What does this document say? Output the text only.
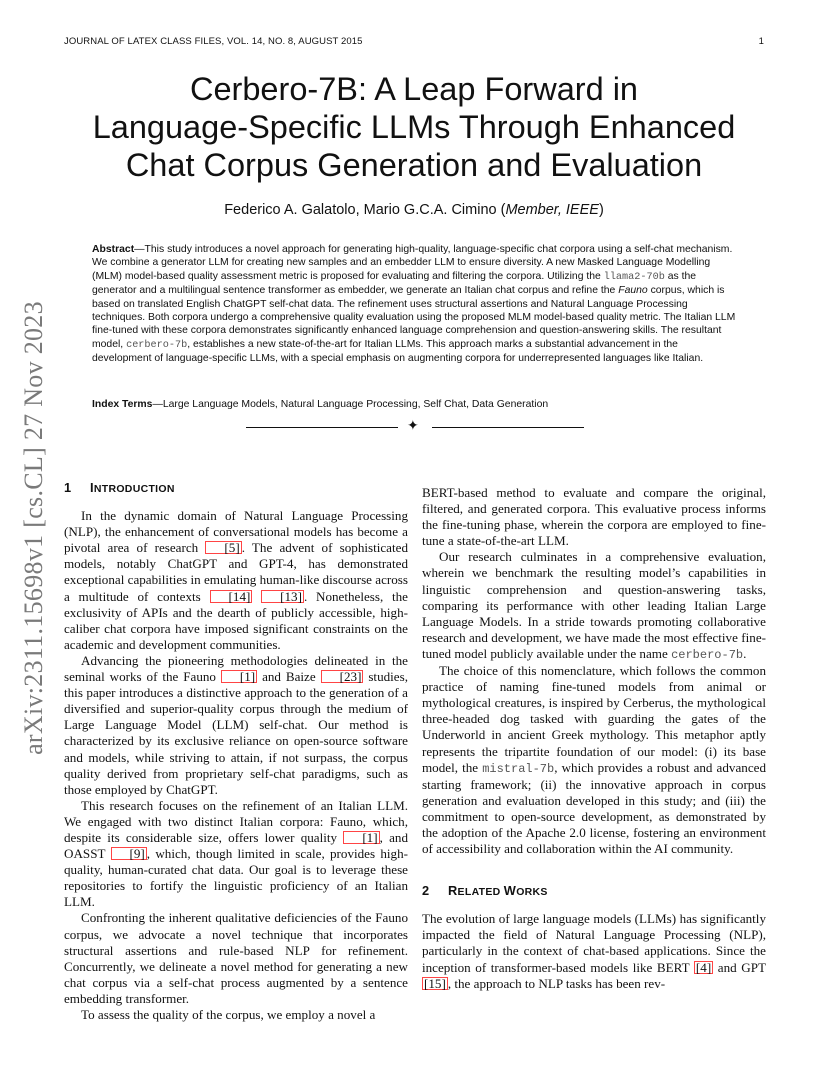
JOURNAL OF LATEX CLASS FILES, VOL. 14, NO. 8, AUGUST 2015	1
arXiv:2311.15698v1 [cs.CL] 27 Nov 2023
Cerbero-7B: A Leap Forward in
Language-Specific LLMs Through Enhanced
Chat Corpus Generation and Evaluation
Federico A. Galatolo, Mario G.C.A. Cimino (Member, IEEE)
Abstract—This study introduces a novel approach for generating high-quality, language-specific chat corpora using a self-chat mechanism. We combine a generator LLM for creating new samples and an embedder LLM to ensure diversity. A new Masked Language Modelling (MLM) model-based quality assessment metric is proposed for evaluating and filtering the corpora. Utilizing the llama2-70b as the generator and a multilingual sentence transformer as embedder, we generate an Italian chat corpus and refine the Fauno corpus, which is based on translated English ChatGPT self-chat data. The refinement uses structural assertions and Natural Language Processing techniques. Both corpora undergo a comprehensive quality evaluation using the proposed MLM model-based quality metric. The Italian LLM fine-tuned with these corpora demonstrates significantly enhanced language comprehension and question-answering skills. The resultant model, cerbero-7b, establishes a new state-of-the-art for Italian LLMs. This approach marks a substantial advancement in the development of language-specific LLMs, with a special emphasis on augmenting corpora for underrepresented languages like Italian.
Index Terms—Large Language Models, Natural Language Processing, Self Chat, Data Generation
✦
1 INTRODUCTION

In the dynamic domain of Natural Language Processing (NLP), the enhancement of conversational models has become a pivotal area of research [5] . The advent of sophisticated models, notably ChatGPT and GPT-4, has demonstrated exceptional capabilities in emulating human-like discourse across a multitude of contexts [14] [13] . Nonetheless, the exclusivity of APIs and the dearth of publicly accessible, high-caliber chat corpora have imposed significant constraints on the academic and development communities.

Advancing the pioneering methodologies delineated in the seminal works of the Fauno [1] and Baize [23] studies, this paper introduces a distinctive approach to the generation of a diversified and superior-quality corpus through the medium of Large Language Model (LLM) self-chat. Our method is characterized by its exclusive reliance on open-source software and models, while striving to attain, if not surpass, the corpus quality derived from proprietary self-chat paradigms, such as those employed by ChatGPT.

This research focuses on the refinement of an Italian LLM. We engaged with two distinct Italian corpora: Fauno, which, despite its considerable size, offers lower quality [1] , and OASST [9] , which, though limited in scale, provides high-quality, human-curated chat data. Our goal is to leverage these repositories to fortify the linguistic proficiency of an Italian LLM.

Confronting the inherent qualitative deficiencies of the Fauno corpus, we advocate a novel technique that incorporates structural assertions and rule-based NLP for refinement. Concurrently, we delineate a novel method for generating a new chat corpus via a self-chat process augmented by a sentence embedding transformer.

To assess the quality of the corpus, we employ a novel a

BERT-based method to evaluate and compare the original, filtered, and generated corpora. This evaluative process informs the fine-tuning phase, wherein the corpora are employed to fine-tune a state-of-the-art LLM.

Our research culminates in a comprehensive evaluation, wherein we benchmark the resulting model’s capabilities in linguistic comprehension and question-answering tasks, comparing its performance with other leading Italian Large Language Models. In a stride towards promoting collaborative research and development, we have made the most effective fine-tuned model publicly available under the name cerbero-7b.

The choice of this nomenclature, which follows the common practice of naming fine-tuned models from animal or mythological creatures, is inspired by Cerberus, the mythological three-headed dog tasked with guarding the gates of the Underworld in ancient Greek mythology. This metaphor aptly represents the tripartite foundation of our model: (i) its base model, the mistral-7b, which provides a robust and advanced starting framework; (ii) the innovative approach in corpus generation and evaluation developed in this study; and (iii) the commitment to open-source development, as demonstrated by the adoption of the Apache 2.0 license, fostering an environment of accessibility and collaboration within the AI community.

2 RELATED WORKS

The evolution of large language models (LLMs) has significantly impacted the field of Natural Language Processing (NLP), particularly in the context of chat-based applications. Since the inception of transformer-based models like BERT [4] and GPT [15] , the approach to NLP tasks has been rev-
